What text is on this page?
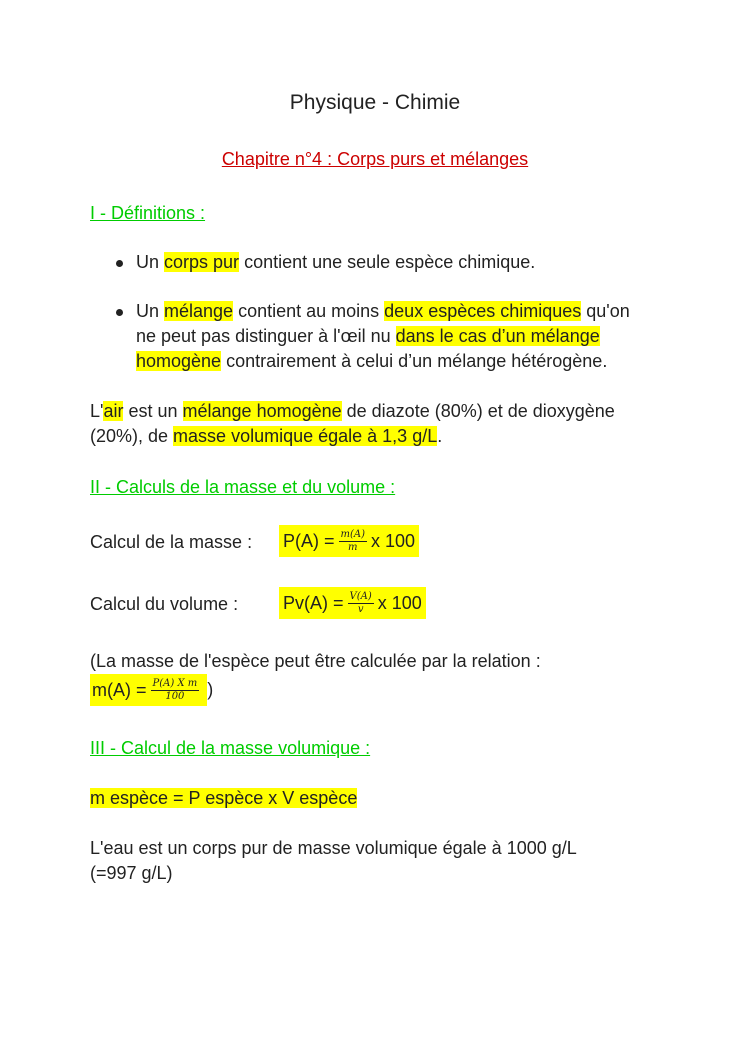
Physique - Chimie
Chapitre n°4 : Corps purs et mélanges
I - Définitions :
Un corps pur contient une seule espèce chimique.
Un mélange contient au moins deux espèces chimiques qu'on
ne peut pas distinguer à l'œil nu dans le cas d’un mélange
homogène contrairement à celui d’un mélange hétérogène.
L'air est un mélange homogène de diazote (80%) et de dioxygène
(20%), de masse volumique égale à 1,3 g/L.
II - Calculs de la masse et du volume :
Calcul de la masse : $P(A) = \frac{m(A)}{m}$ x 100
Calcul du volume : $Pv(A) = \frac{V(A)}{v}$ x 100
(La masse de l'espèce peut être calculée par la relation :
$m(A) = \frac{\text{P(A) X m}}{100}$ )
III - Calcul de la masse volumique :
m espèce = P espèce x V espèce
L'eau est un corps pur de masse volumique égale à 1000 g/L
(=997 g/L)
